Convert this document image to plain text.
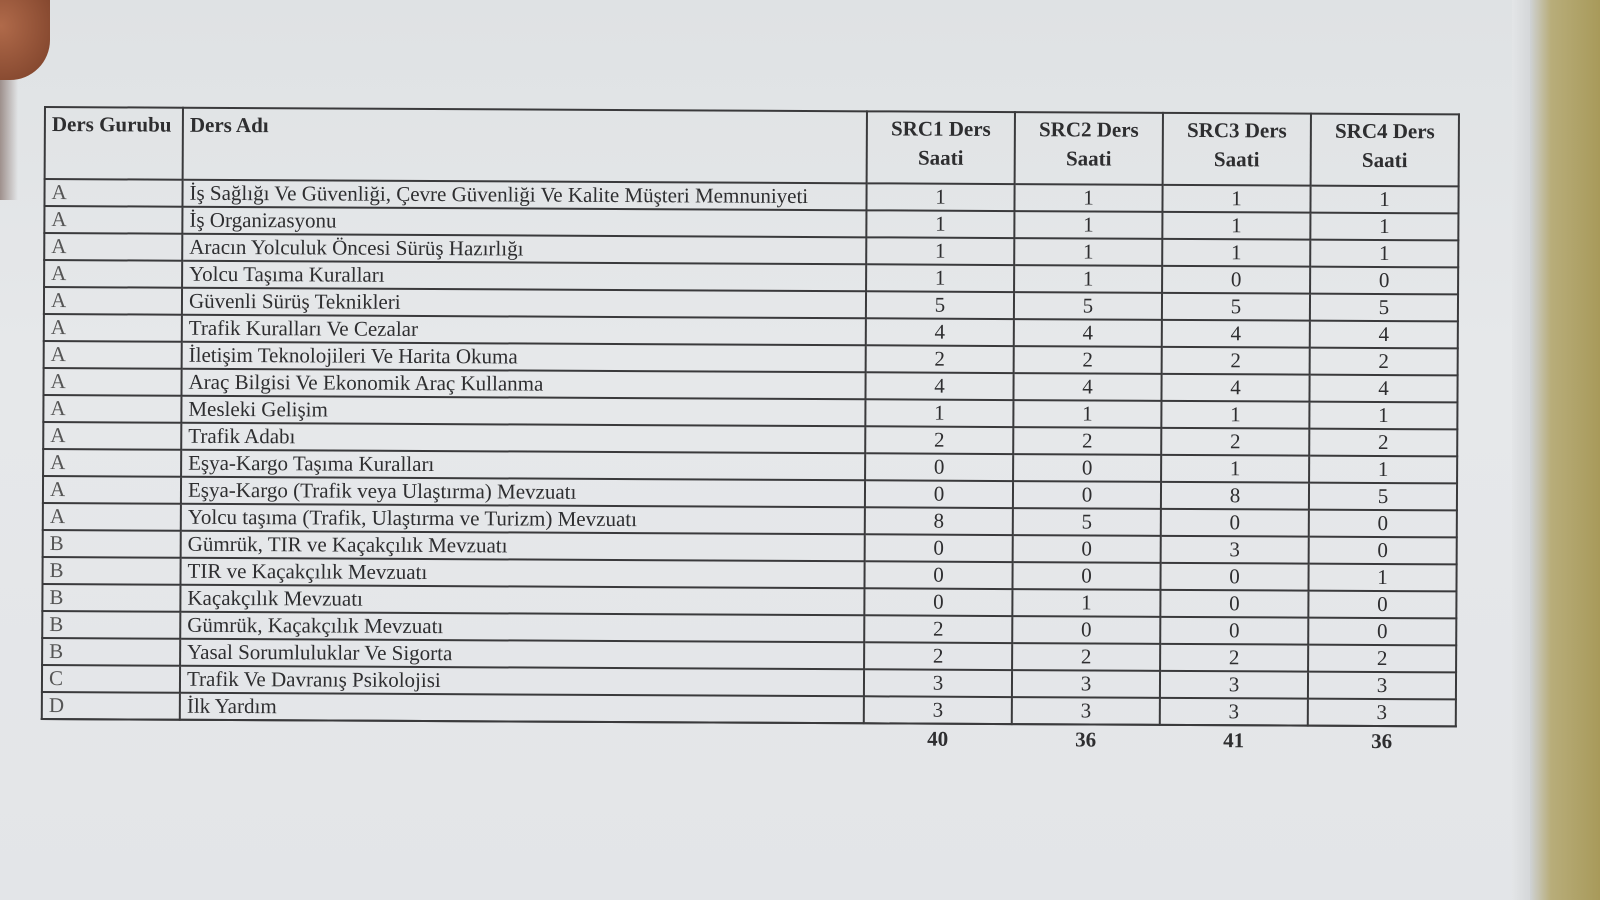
Ders Gurubu	Ders Adı	SRC1 Ders Saati	SRC2 Ders Saati	SRC3 Ders Saati	SRC4 Ders Saati
A	İş Sağlığı Ve Güvenliği, Çevre Güvenliği Ve Kalite Müşteri Memnuniyeti	1	1	1	1
A	İş Organizasyonu	1	1	1	1
A	Aracın Yolculuk Öncesi Sürüş Hazırlığı	1	1	1	1
A	Yolcu Taşıma Kuralları	1	1	0	0
A	Güvenli Sürüş Teknikleri	5	5	5	5
A	Trafik Kuralları Ve Cezalar	4	4	4	4
A	İletişim Teknolojileri Ve Harita Okuma	2	2	2	2
A	Araç Bilgisi Ve Ekonomik Araç Kullanma	4	4	4	4
A	Mesleki Gelişim	1	1	1	1
A	Trafik Adabı	2	2	2	2
A	Eşya-Kargo Taşıma Kuralları	0	0	1	1
A	Eşya-Kargo (Trafik veya Ulaştırma) Mevzuatı	0	0	8	5
A	Yolcu taşıma (Trafik, Ulaştırma ve Turizm) Mevzuatı	8	5	0	0
B	Gümrük, TIR ve Kaçakçılık Mevzuatı	0	0	3	0
B	TIR ve Kaçakçılık Mevzuatı	0	0	0	1
B	Kaçakçılık Mevzuatı	0	1	0	0
B	Gümrük, Kaçakçılık Mevzuatı	2	0	0	0
B	Yasal Sorumluluklar Ve Sigorta	2	2	2	2
C	Trafik Ve Davranış Psikolojisi	3	3	3	3
D	İlk Yardım	3	3	3	3
		40	36	41	36
